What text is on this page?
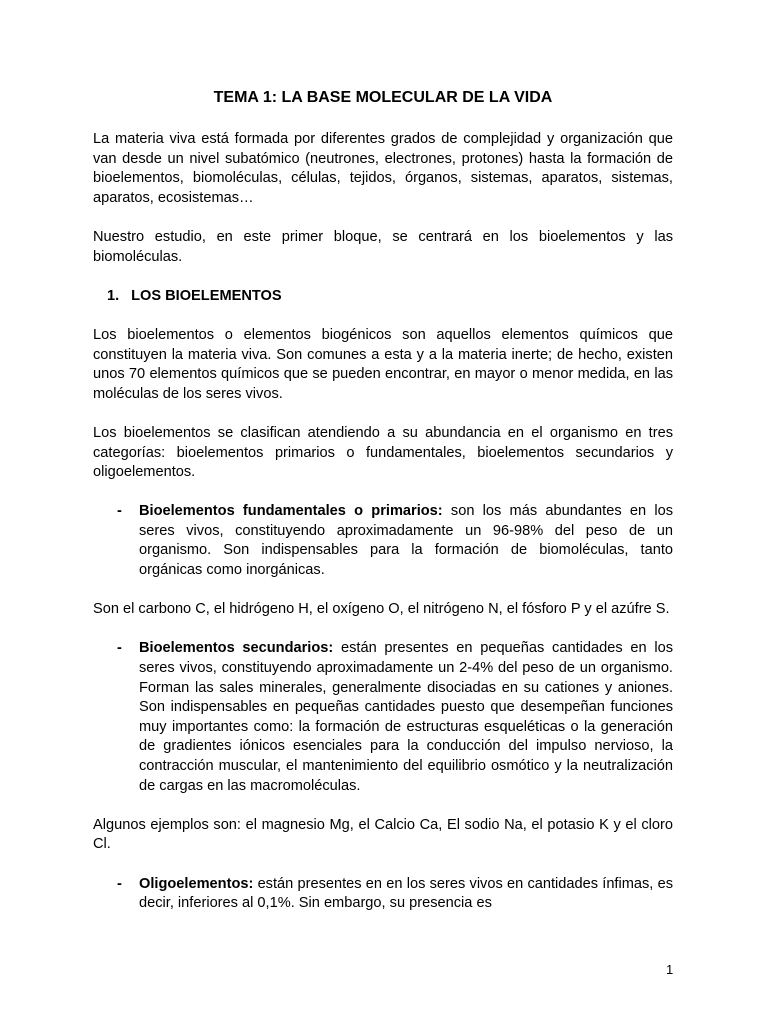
TEMA 1: LA BASE MOLECULAR DE LA VIDA

La materia viva está formada por diferentes grados de complejidad y organización que van desde un nivel subatómico (neutrones, electrones, protones) hasta la formación de bioelementos, biomoléculas, células, tejidos, órganos, sistemas, aparatos, sistemas, aparatos, ecosistemas…

Nuestro estudio, en este primer bloque, se centrará en los bioelementos y las biomoléculas.

1. LOS BIOELEMENTOS

Los bioelementos o elementos biogénicos son aquellos elementos químicos que constituyen la materia viva. Son comunes a esta y a la materia inerte; de hecho, existen unos 70 elementos químicos que se pueden encontrar, en mayor o menor medida, en las moléculas de los seres vivos.

Los bioelementos se clasifican atendiendo a su abundancia en el organismo en tres categorías: bioelementos primarios o fundamentales, bioelementos secundarios y oligoelementos.

- Bioelementos fundamentales o primarios: son los más abundantes en los seres vivos, constituyendo aproximadamente un 96-98% del peso de un organismo. Son indispensables para la formación de biomoléculas, tanto orgánicas como inorgánicas.

Son el carbono C, el hidrógeno H, el oxígeno O, el nitrógeno N, el fósforo P y el azúfre S.

- Bioelementos secundarios: están presentes en pequeñas cantidades en los seres vivos, constituyendo aproximadamente un 2-4% del peso de un organismo. Forman las sales minerales, generalmente disociadas en su cationes y aniones. Son indispensables en pequeñas cantidades puesto que desempeñan funciones muy importantes como: la formación de estructuras esqueléticas o la generación de gradientes iónicos esenciales para la conducción del impulso nervioso, la contracción muscular, el mantenimiento del equilibrio osmótico y la neutralización de cargas en las macromoléculas.

Algunos ejemplos son: el magnesio Mg, el Calcio Ca, El sodio Na, el potasio K y el cloro Cl.

- Oligoelementos: están presentes en en los seres vivos en cantidades ínfimas, es decir, inferiores al 0,1%. Sin embargo, su presencia es

1
